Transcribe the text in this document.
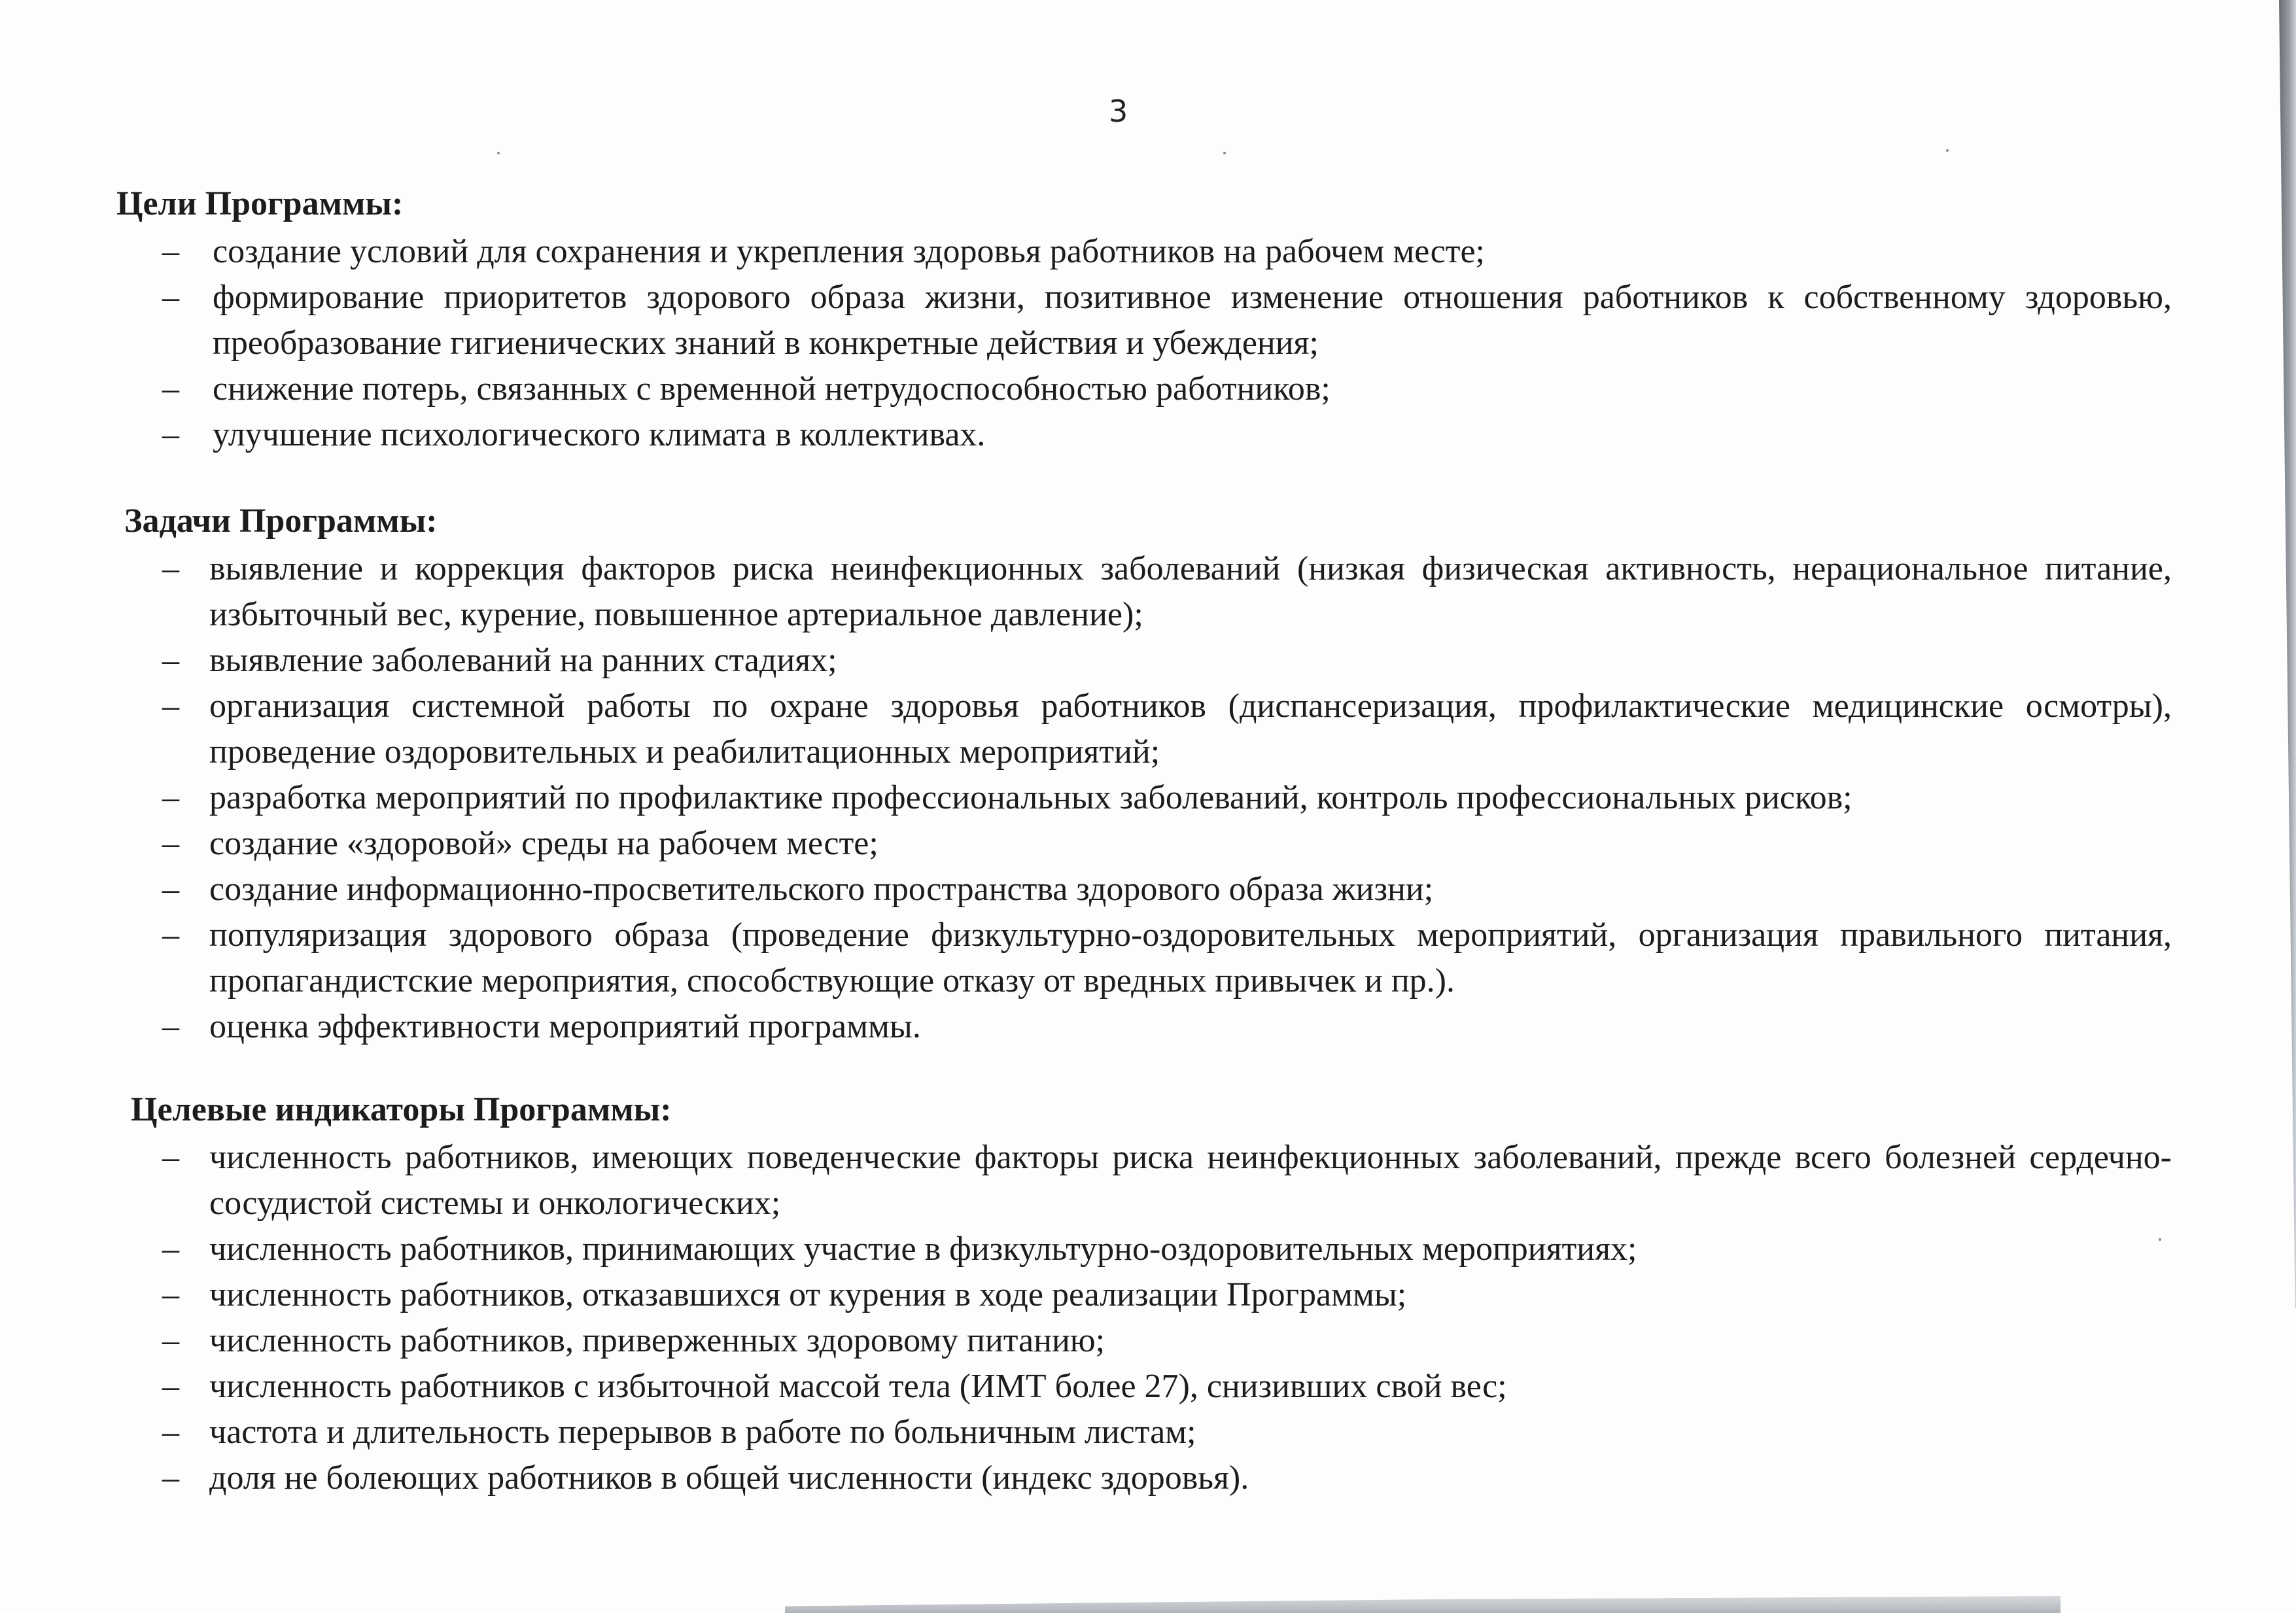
3
Цели Программы:
– создание условий для сохранения и укрепления здоровья работников на рабочем месте;
– формирование приоритетов здорового образа жизни, позитивное изменение отношения работников к собственному здоровью, преобразование гигиенических знаний в конкретные действия и убеждения;
– снижение потерь, связанных с временной нетрудоспособностью работников;
– улучшение психологического климата в коллективах.
Задачи Программы:
– выявление и коррекция факторов риска неинфекционных заболеваний (низкая физическая активность, нерациональное питание, избыточный вес, курение, повышенное артериальное давление);
– выявление заболеваний на ранних стадиях;
– организация системной работы по охране здоровья работников (диспансеризация, профилактические медицинские осмотры), проведение оздоровительных и реабилитационных мероприятий;
– разработка мероприятий по профилактике профессиональных заболеваний, контроль профессиональных рисков;
– создание «здоровой» среды на рабочем месте;
– создание информационно-просветительского пространства здорового образа жизни;
– популяризация здорового образа (проведение физкультурно-оздоровительных мероприятий, организация правильного питания, пропагандистские мероприятия, способствующие отказу от вредных привычек и пр.).
– оценка эффективности мероприятий программы.
Целевые индикаторы Программы:
– численность работников, имеющих поведенческие факторы риска неинфекционных заболеваний, прежде всего болезней сердечно-сосудистой системы и онкологических;
– численность работников, принимающих участие в физкультурно-оздоровительных мероприятиях;
– численность работников, отказавшихся от курения в ходе реализации Программы;
– численность работников, приверженных здоровому питанию;
– численность работников с избыточной массой тела (ИМТ более 27), снизивших свой вес;
– частота и длительность перерывов в работе по больничным листам;
– доля не болеющих работников в общей численности (индекс здоровья).
